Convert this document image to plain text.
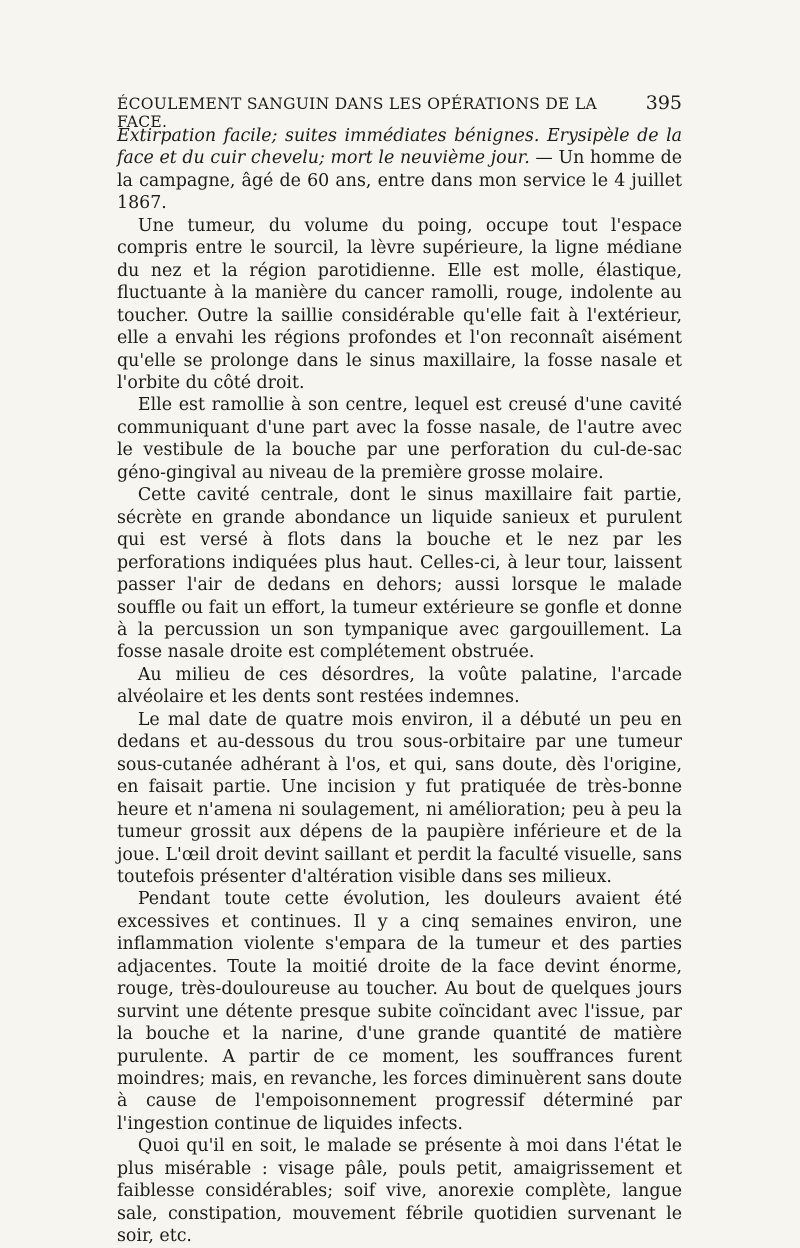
ÉCOULEMENT SANGUIN DANS LES OPÉRATIONS DE LA FACE.
395

Extirpation facile; suites immédiates bénignes. Erysipèle de la face et du cuir chevelu; mort le neuvième jour. — Un homme de la campagne, âgé de 60 ans, entre dans mon service le 4 juillet 1867.

Une tumeur, du volume du poing, occupe tout l'espace compris entre le sourcil, la lèvre supérieure, la ligne médiane du nez et la région parotidienne. Elle est molle, élastique, fluctuante à la manière du cancer ramolli, rouge, indolente au toucher. Outre la saillie considérable qu'elle fait à l'extérieur, elle a envahi les régions profondes et l'on reconnaît aisément qu'elle se prolonge dans le sinus maxillaire, la fosse nasale et l'orbite du côté droit.

Elle est ramollie à son centre, lequel est creusé d'une cavité communiquant d'une part avec la fosse nasale, de l'autre avec le vestibule de la bouche par une perforation du cul-de-sac géno-gingival au niveau de la première grosse molaire.

Cette cavité centrale, dont le sinus maxillaire fait partie, sécrète en grande abondance un liquide sanieux et purulent qui est versé à flots dans la bouche et le nez par les perforations indiquées plus haut. Celles-ci, à leur tour, laissent passer l'air de dedans en dehors; aussi lorsque le malade souffle ou fait un effort, la tumeur extérieure se gonfle et donne à la percussion un son tympanique avec gargouillement. La fosse nasale droite est complétement obstruée.

Au milieu de ces désordres, la voûte palatine, l'arcade alvéolaire et les dents sont restées indemnes.

Le mal date de quatre mois environ, il a débuté un peu en dedans et au-dessous du trou sous-orbitaire par une tumeur sous-cutanée adhérant à l'os, et qui, sans doute, dès l'origine, en faisait partie. Une incision y fut pratiquée de très-bonne heure et n'amena ni soulagement, ni amélioration; peu à peu la tumeur grossit aux dépens de la paupière inférieure et de la joue. L'œil droit devint saillant et perdit la faculté visuelle, sans toutefois présenter d'altération visible dans ses milieux.

Pendant toute cette évolution, les douleurs avaient été excessives et continues. Il y a cinq semaines environ, une inflammation violente s'empara de la tumeur et des parties adjacentes. Toute la moitié droite de la face devint énorme, rouge, très-douloureuse au toucher. Au bout de quelques jours survint une détente presque subite coïncidant avec l'issue, par la bouche et la narine, d'une grande quantité de matière purulente. A partir de ce moment, les souffrances furent moindres; mais, en revanche, les forces diminuèrent sans doute à cause de l'empoisonnement progressif déterminé par l'ingestion continue de liquides infects.

Quoi qu'il en soit, le malade se présente à moi dans l'état le plus misérable : visage pâle, pouls petit, amaigrissement et faiblesse considérables; soif vive, anorexie complète, langue sale, constipation, mouvement fébrile quotidien survenant le soir, etc.
